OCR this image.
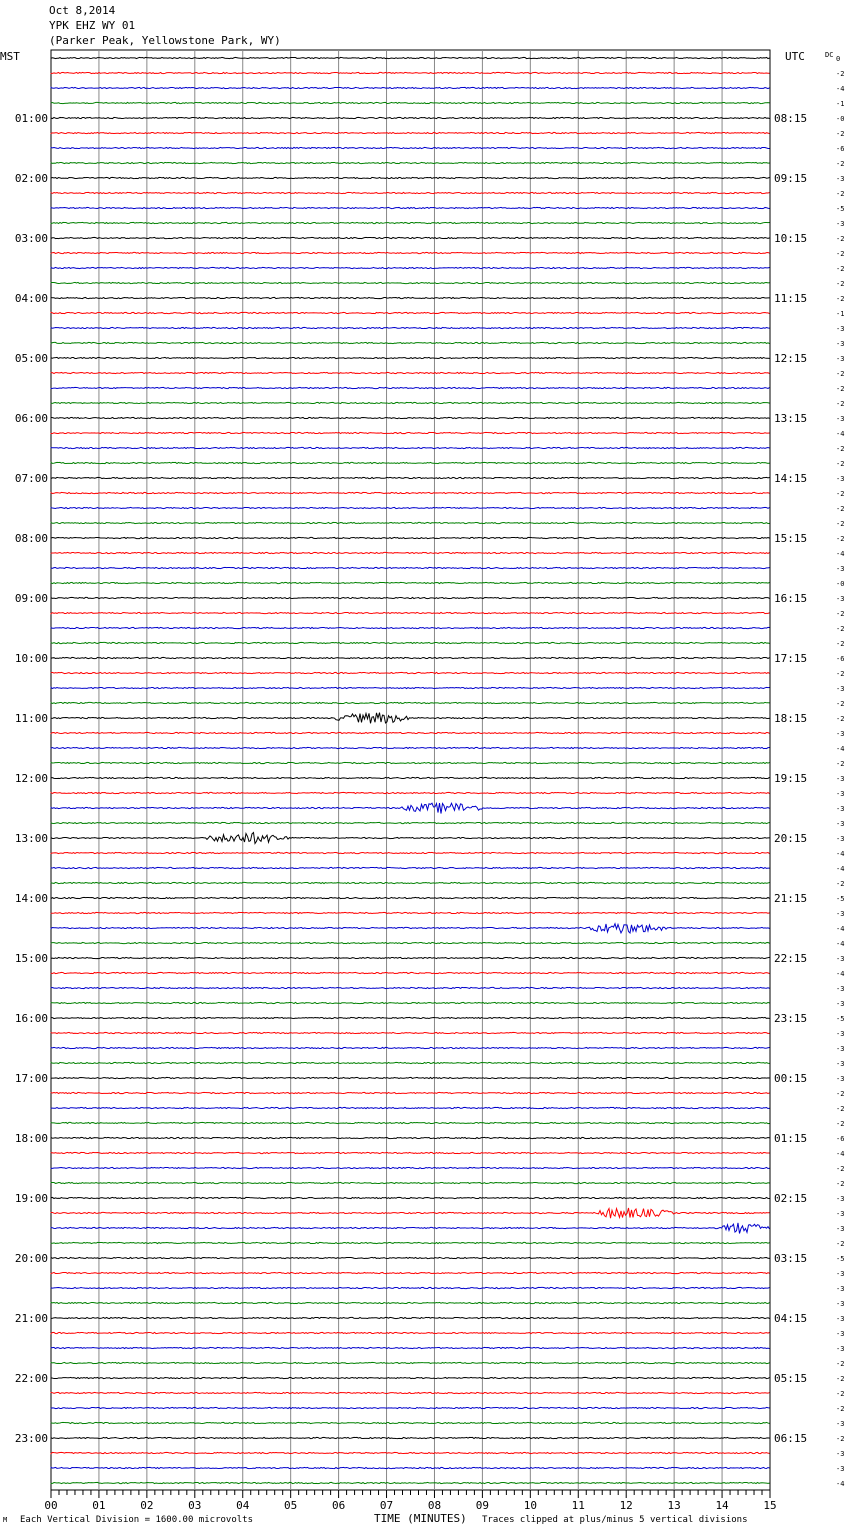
Oct 8,2014
YPK EHZ WY 01
(Parker Peak, Yellowstone Park, WY)
01:00
02:00
03:00
04:00
05:00
06:00
07:00
08:00
09:00
10:00
11:00
12:00
13:00
14:00
15:00
16:00
17:00
18:00
19:00
20:00
21:00
22:00
23:00
08:15
09:15
10:15
11:15
12:15
13:15
14:15
15:15
16:15
17:15
18:15
19:15
20:15
21:15
22:15
23:15
00:15
01:15
02:15
03:15
04:15
05:15
06:15
MST	UTC	DC 0
-2
-4
-1
-0
-2
-6
-2
-3
-2
-5
-3
-2
-2
-2
-2
-2
-1
-3
-3
-3
-2
-2
-2
-3
-4
-2
-2
-3
-2
-2
-2
-2
-4
-3
-0
-3
-2
-2
-2
-6
-2
-3
-2
-2
-3
-4
-2
-3
-3
-3
-3
-3
-4
-4
-2
-5
-3
-4
-4
-3
-4
-3
-3
-5
-3
-3
-3
-3
-2
-2
-2
-6
-4
-2
-2
-3
-3
-3
-2
-5
-3
-3
-3
-3
-3
-3
-2
-2
-2
-2
-3
-2
-3
-3
-4
00	01	02	03	04	05	06	07	08	09	10	11	12	13	14	15
M Each Vertical Division = 1600.00 microvolts	TIME (MINUTES) Traces clipped at plus/minus 5 vertical divisions
